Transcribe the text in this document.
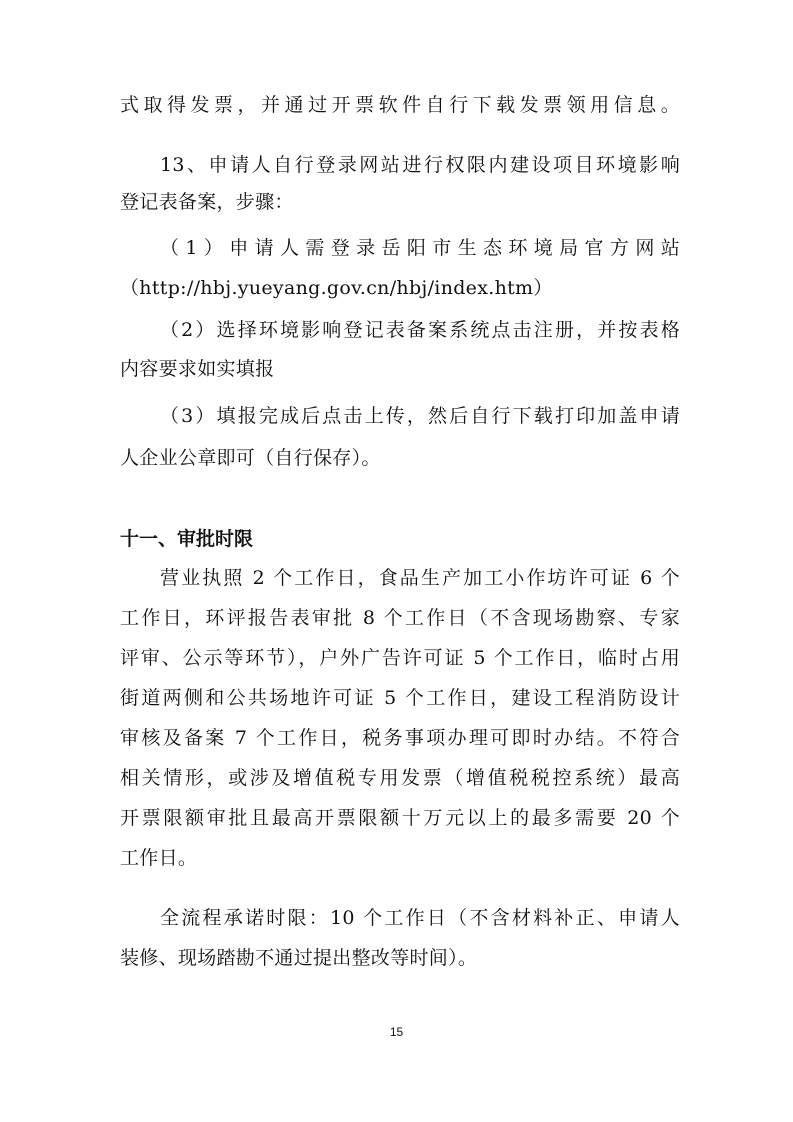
式取得发票，并通过开票软件自行下载发票领用信息。
13、申请人自行登录网站进行权限内建设项目环境影响
登记表备案，步骤：
（1）申请人需登录岳阳市生态环境局官方网站
（http://hbj.yueyang.gov.cn/hbj/index.htm）
（2）选择环境影响登记表备案系统点击注册，并按表格
内容要求如实填报
（3）填报完成后点击上传，然后自行下载打印加盖申请
人企业公章即可（自行保存）。
十一、审批时限
营业执照 2 个工作日，食品生产加工小作坊许可证 6 个
工作日，环评报告表审批 8 个工作日（不含现场勘察、专家
评审、公示等环节），户外广告许可证 5 个工作日，临时占用
街道两侧和公共场地许可证 5 个工作日，建设工程消防设计
审核及备案 7 个工作日，税务事项办理可即时办结。不符合
相关情形，或涉及增值税专用发票（增值税税控系统）最高
开票限额审批且最高开票限额十万元以上的最多需要 20 个
工作日。
全流程承诺时限：10 个工作日（不含材料补正、申请人
装修、现场踏勘不通过提出整改等时间）。
15
